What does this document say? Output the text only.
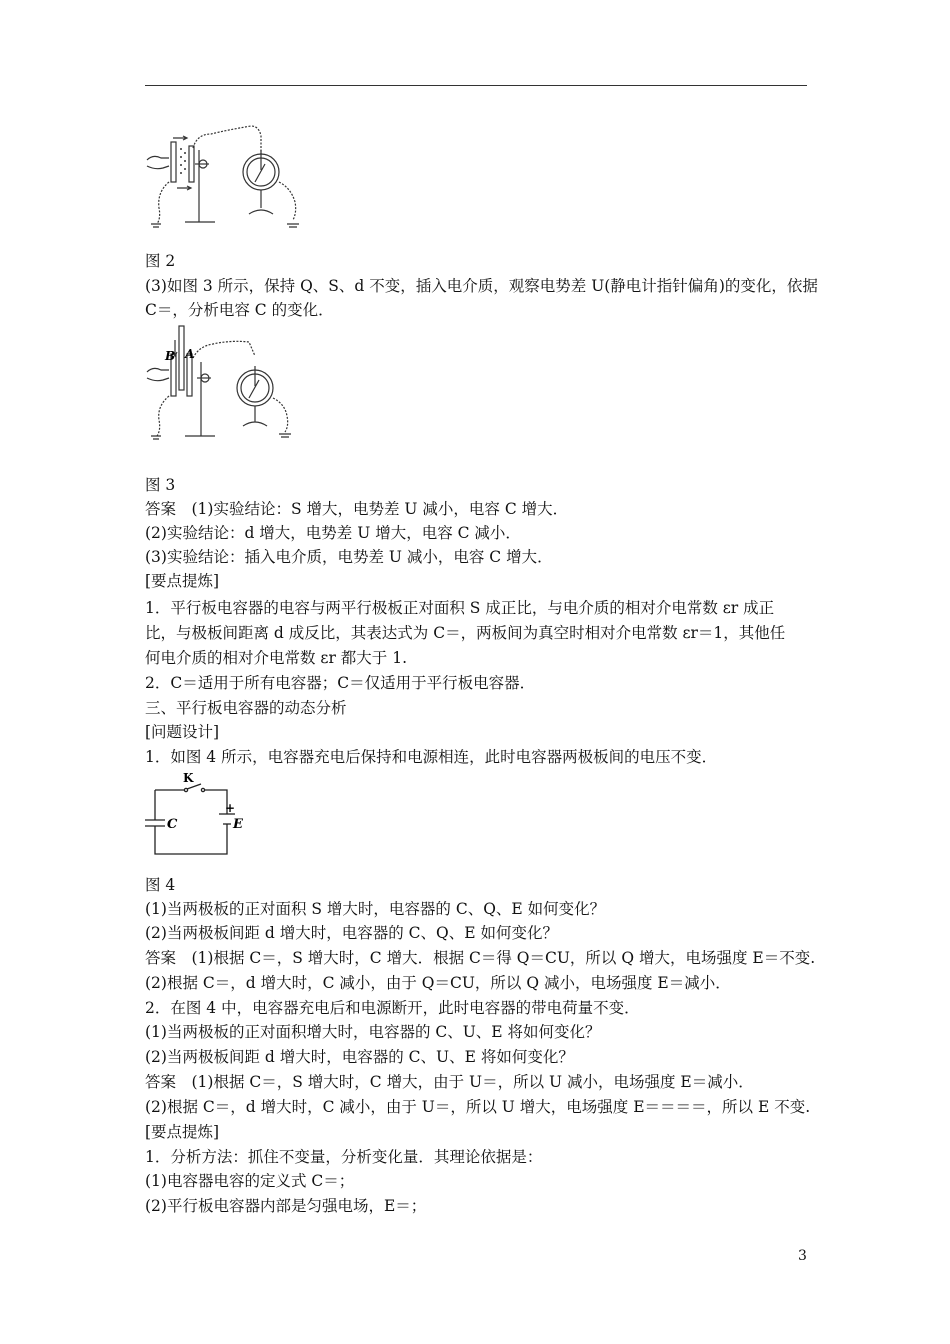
图 2
(3)如图 3 所示，保持 Q、S、d 不变，插入电介质，观察电势差 U(静电计指针偏角)的变化，依据
C＝，分析电容 C 的变化．
B A
图 3
答案　(1)实验结论：S 增大，电势差 U 减小，电容 C 增大．
(2)实验结论：d 增大，电势差 U 增大，电容 C 减小．
(3)实验结论：插入电介质，电势差 U 减小，电容 C 增大．
[要点提炼]
1．平行板电容器的电容与两平行极板正对面积 S 成正比，与电介质的相对介电常数 εr 成正
比，与极板间距离 d 成反比，其表达式为 C＝，两板间为真空时相对介电常数 εr＝1，其他任
何电介质的相对介电常数 εr 都大于 1.
2．C＝适用于所有电容器；C＝仅适用于平行板电容器．
三、平行板电容器的动态分析
[问题设计]
1．如图 4 所示，电容器充电后保持和电源相连，此时电容器两极板间的电压不变．
K
C
+
E
图 4
(1)当两极板的正对面积 S 增大时，电容器的 C、Q、E 如何变化？
(2)当两极板间距 d 增大时，电容器的 C、Q、E 如何变化？
答案　(1)根据 C＝，S 增大时，C 增大．根据 C＝得 Q＝CU，所以 Q 增大，电场强度 E＝不变.
(2)根据 C＝，d 增大时，C 减小，由于 Q＝CU，所以 Q 减小，电场强度 E＝减小．
2．在图 4 中，电容器充电后和电源断开，此时电容器的带电荷量不变．
(1)当两极板的正对面积增大时，电容器的 C、U、E 将如何变化？
(2)当两极板间距 d 增大时，电容器的 C、U、E 将如何变化？
答案　(1)根据 C＝，S 增大时，C 增大，由于 U＝，所以 U 减小，电场强度 E＝减小．
(2)根据 C＝，d 增大时，C 减小，由于 U＝，所以 U 增大，电场强度 E＝＝＝＝，所以 E 不变.
[要点提炼]
1．分析方法：抓住不变量，分析变化量．其理论依据是：
(1)电容器电容的定义式 C＝；
(2)平行板电容器内部是匀强电场，E＝；
3
